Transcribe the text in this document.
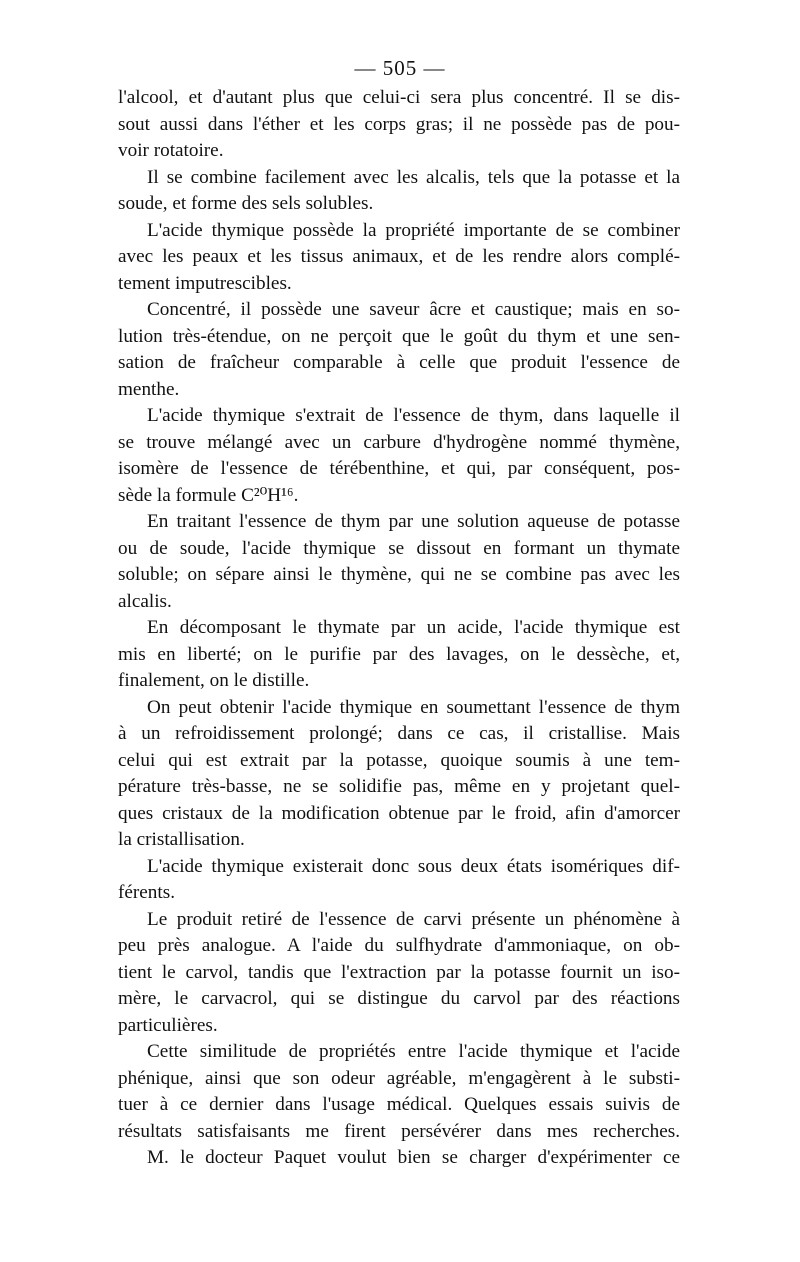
— 505 —
l'alcool, et d'autant plus que celui-ci sera plus concentré. Il se dis-
sout aussi dans l'éther et les corps gras; il ne possède pas de pou-
voir rotatoire.
Il se combine facilement avec les alcalis, tels que la potasse et la
soude, et forme des sels solubles.
L'acide thymique possède la propriété importante de se combiner
avec les peaux et les tissus animaux, et de les rendre alors complé-
tement imputrescibles.
Concentré, il possède une saveur âcre et caustique; mais en so-
lution très-étendue, on ne perçoit que le goût du thym et une sen-
sation de fraîcheur comparable à celle que produit l'essence de
menthe.
L'acide thymique s'extrait de l'essence de thym, dans laquelle il
se trouve mélangé avec un carbure d'hydrogène nommé thymène,
isomère de l'essence de térébenthine, et qui, par conséquent, pos-
sède la formule C²⁰H¹⁶.
En traitant l'essence de thym par une solution aqueuse de potasse
ou de soude, l'acide thymique se dissout en formant un thymate
soluble; on sépare ainsi le thymène, qui ne se combine pas avec les
alcalis.
En décomposant le thymate par un acide, l'acide thymique est
mis en liberté; on le purifie par des lavages, on le dessèche, et,
finalement, on le distille.
On peut obtenir l'acide thymique en soumettant l'essence de thym
à un refroidissement prolongé; dans ce cas, il cristallise. Mais
celui qui est extrait par la potasse, quoique soumis à une tem-
pérature très-basse, ne se solidifie pas, même en y projetant quel-
ques cristaux de la modification obtenue par le froid, afin d'amorcer
la cristallisation.
L'acide thymique existerait donc sous deux états isomériques dif-
férents.
Le produit retiré de l'essence de carvi présente un phénomène à
peu près analogue. A l'aide du sulfhydrate d'ammoniaque, on ob-
tient le carvol, tandis que l'extraction par la potasse fournit un iso-
mère, le carvacrol, qui se distingue du carvol par des réactions
particulières.
Cette similitude de propriétés entre l'acide thymique et l'acide
phénique, ainsi que son odeur agréable, m'engagèrent à le substi-
tuer à ce dernier dans l'usage médical. Quelques essais suivis de
résultats satisfaisants me firent persévérer dans mes recherches.
M. le docteur Paquet voulut bien se charger d'expérimenter ce
